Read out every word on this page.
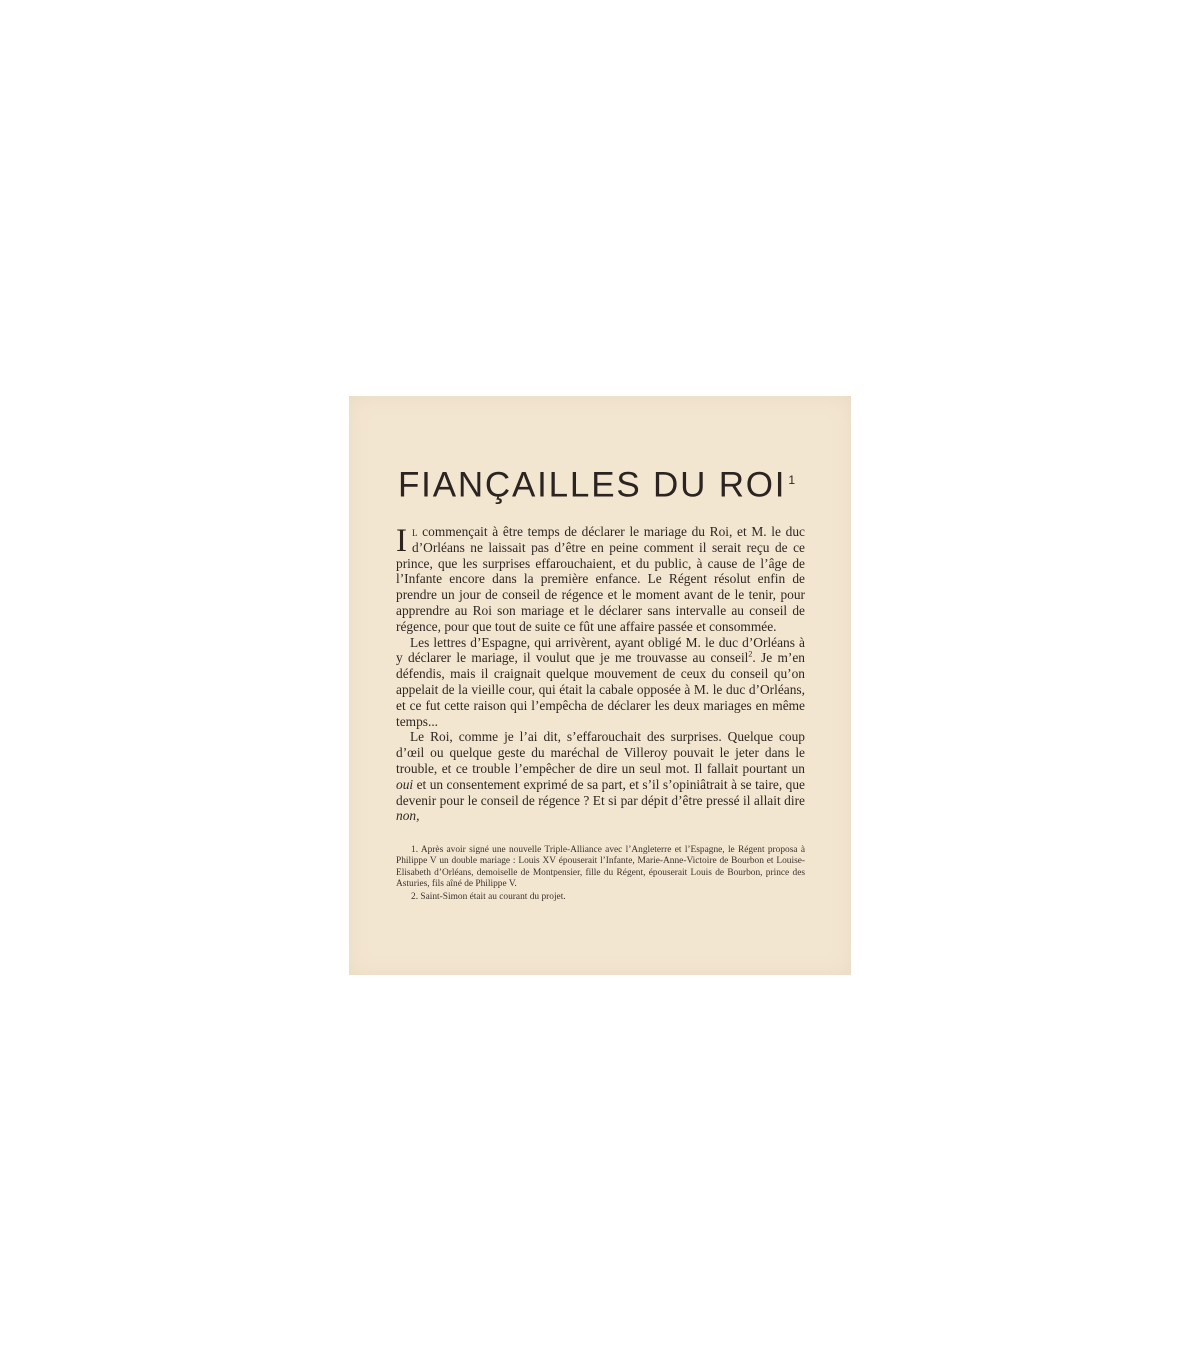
FIANÇAILLES DU ROI $^1$

Il commençait à être temps de déclarer le mariage du Roi, et M. le duc d’Orléans ne laissait pas d’être en peine comment il serait reçu de ce prince, que les surprises effarouchaient, et du public, à cause de l’âge de l’Infante encore dans la première enfance. Le Régent résolut enfin de prendre un jour de conseil de régence et le moment avant de le tenir, pour apprendre au Roi son mariage et le déclarer sans intervalle au conseil de régence, pour que tout de suite ce fût une affaire passée et consommée.

Les lettres d’Espagne, qui arrivèrent, ayant obligé M. le duc d’Orléans à y déclarer le mariage, il voulut que je me trouvasse au conseil$^2$. Je m’en défendis, mais il craignait quelque mouvement de ceux du conseil qu’on appelait de la vieille cour, qui était la cabale opposée à M. le duc d’Orléans, et ce fut cette raison qui l’empêcha de déclarer les deux mariages en même temps...

Le Roi, comme je l’ai dit, s’effarouchait des surprises. Quelque coup d’œil ou quelque geste du maréchal de Villeroy pouvait le jeter dans le trouble, et ce trouble l’empêcher de dire un seul mot. Il fallait pourtant un oui et un consentement exprimé de sa part, et s’il s’opiniâtrait à se taire, que devenir pour le conseil de régence ? Et si par dépit d’être pressé il allait dire non,

1. Après avoir signé une nouvelle Triple-Alliance avec l’Angleterre et l’Espagne, le Régent proposa à Philippe V un double mariage : Louis XV épouserait l’Infante, Marie-Anne-Victoire de Bourbon et Louise-Elisabeth d’Orléans, demoiselle de Montpensier, fille du Régent, épouserait Louis de Bourbon, prince des Asturies, fils aîné de Philippe V.

2. Saint-Simon était au courant du projet.
